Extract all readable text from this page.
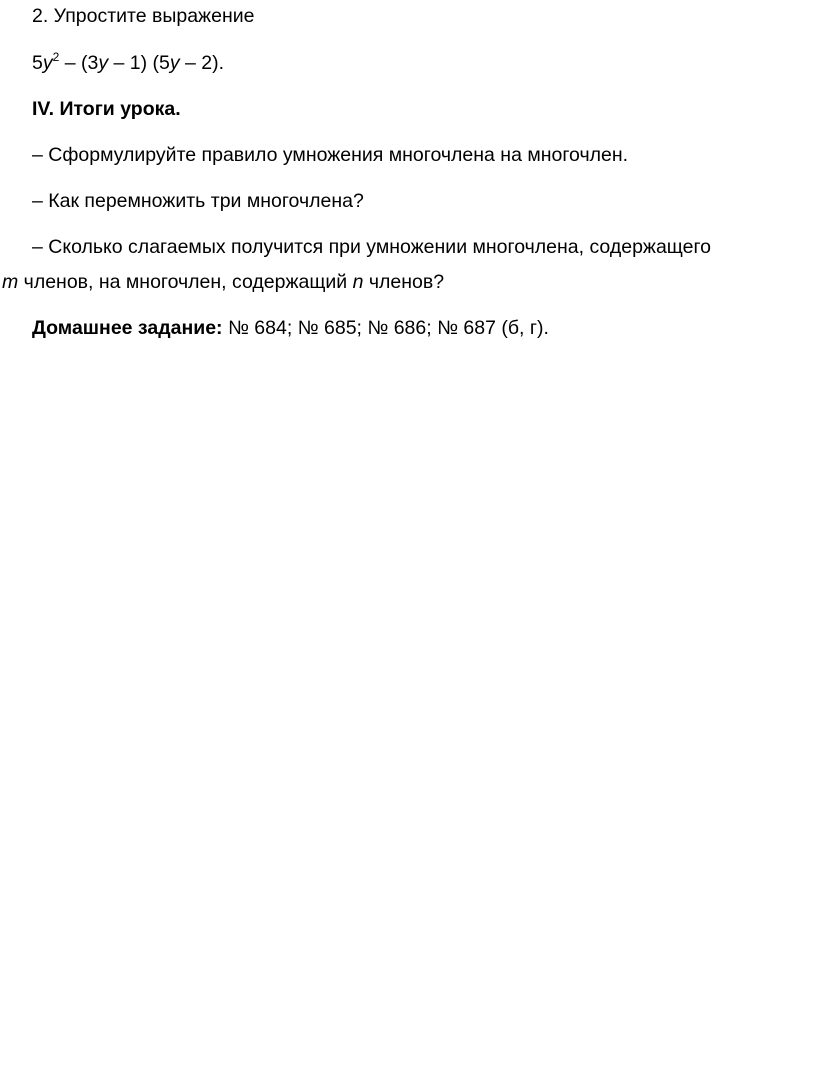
2. Упростите выражение
$5y^2 - (3y - 1)$ (5y – 2).
IV. Итоги урока.
– Сформулируйте правило умножения многочлена на многочлен.
– Как перемножить три многочлена?
– Сколько слагаемых получится при умножении многочлена, содержащего
m членов, на многочлен, содержащий n членов?
Домашнее задание: № 684; № 685; № 686; № 687 (б, г).
